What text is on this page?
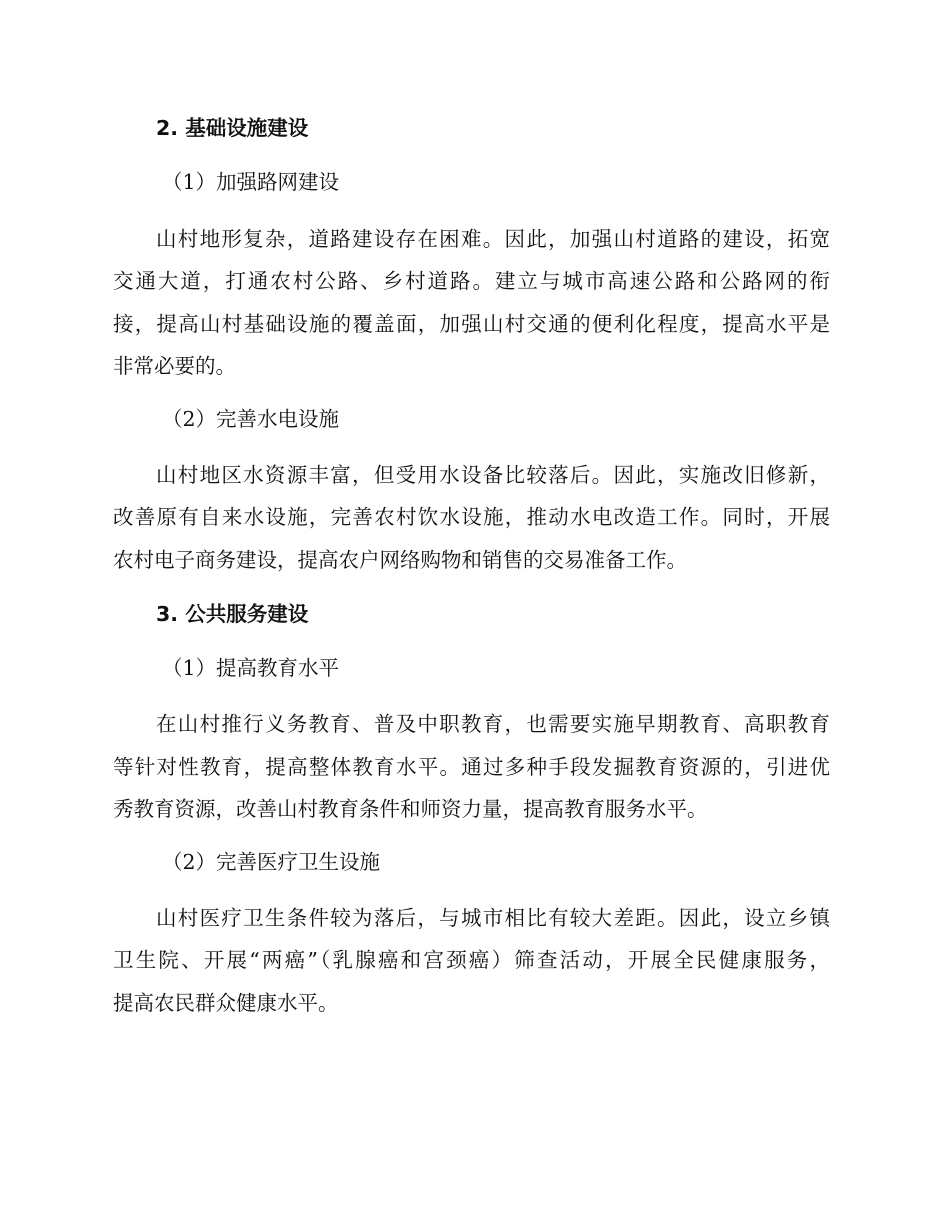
2. 基础设施建设
（1）加强路网建设
山村地形复杂，道路建设存在困难。因此，加强山村道路的建设，拓宽
交通大道，打通农村公路、乡村道路。建立与城市高速公路和公路网的衔
接，提高山村基础设施的覆盖面，加强山村交通的便利化程度，提高水平是
非常必要的。
（2）完善水电设施
山村地区水资源丰富，但受用水设备比较落后。因此，实施改旧修新，
改善原有自来水设施，完善农村饮水设施，推动水电改造工作。同时，开展
农村电子商务建设，提高农户网络购物和销售的交易准备工作。
3. 公共服务建设
（1）提高教育水平
在山村推行义务教育、普及中职教育，也需要实施早期教育、高职教育
等针对性教育，提高整体教育水平。通过多种手段发掘教育资源的，引进优
秀教育资源，改善山村教育条件和师资力量，提高教育服务水平。
（2）完善医疗卫生设施
山村医疗卫生条件较为落后，与城市相比有较大差距。因此，设立乡镇
卫生院、开展“两癌”（乳腺癌和宫颈癌）筛查活动，开展全民健康服务，
提高农民群众健康水平。
